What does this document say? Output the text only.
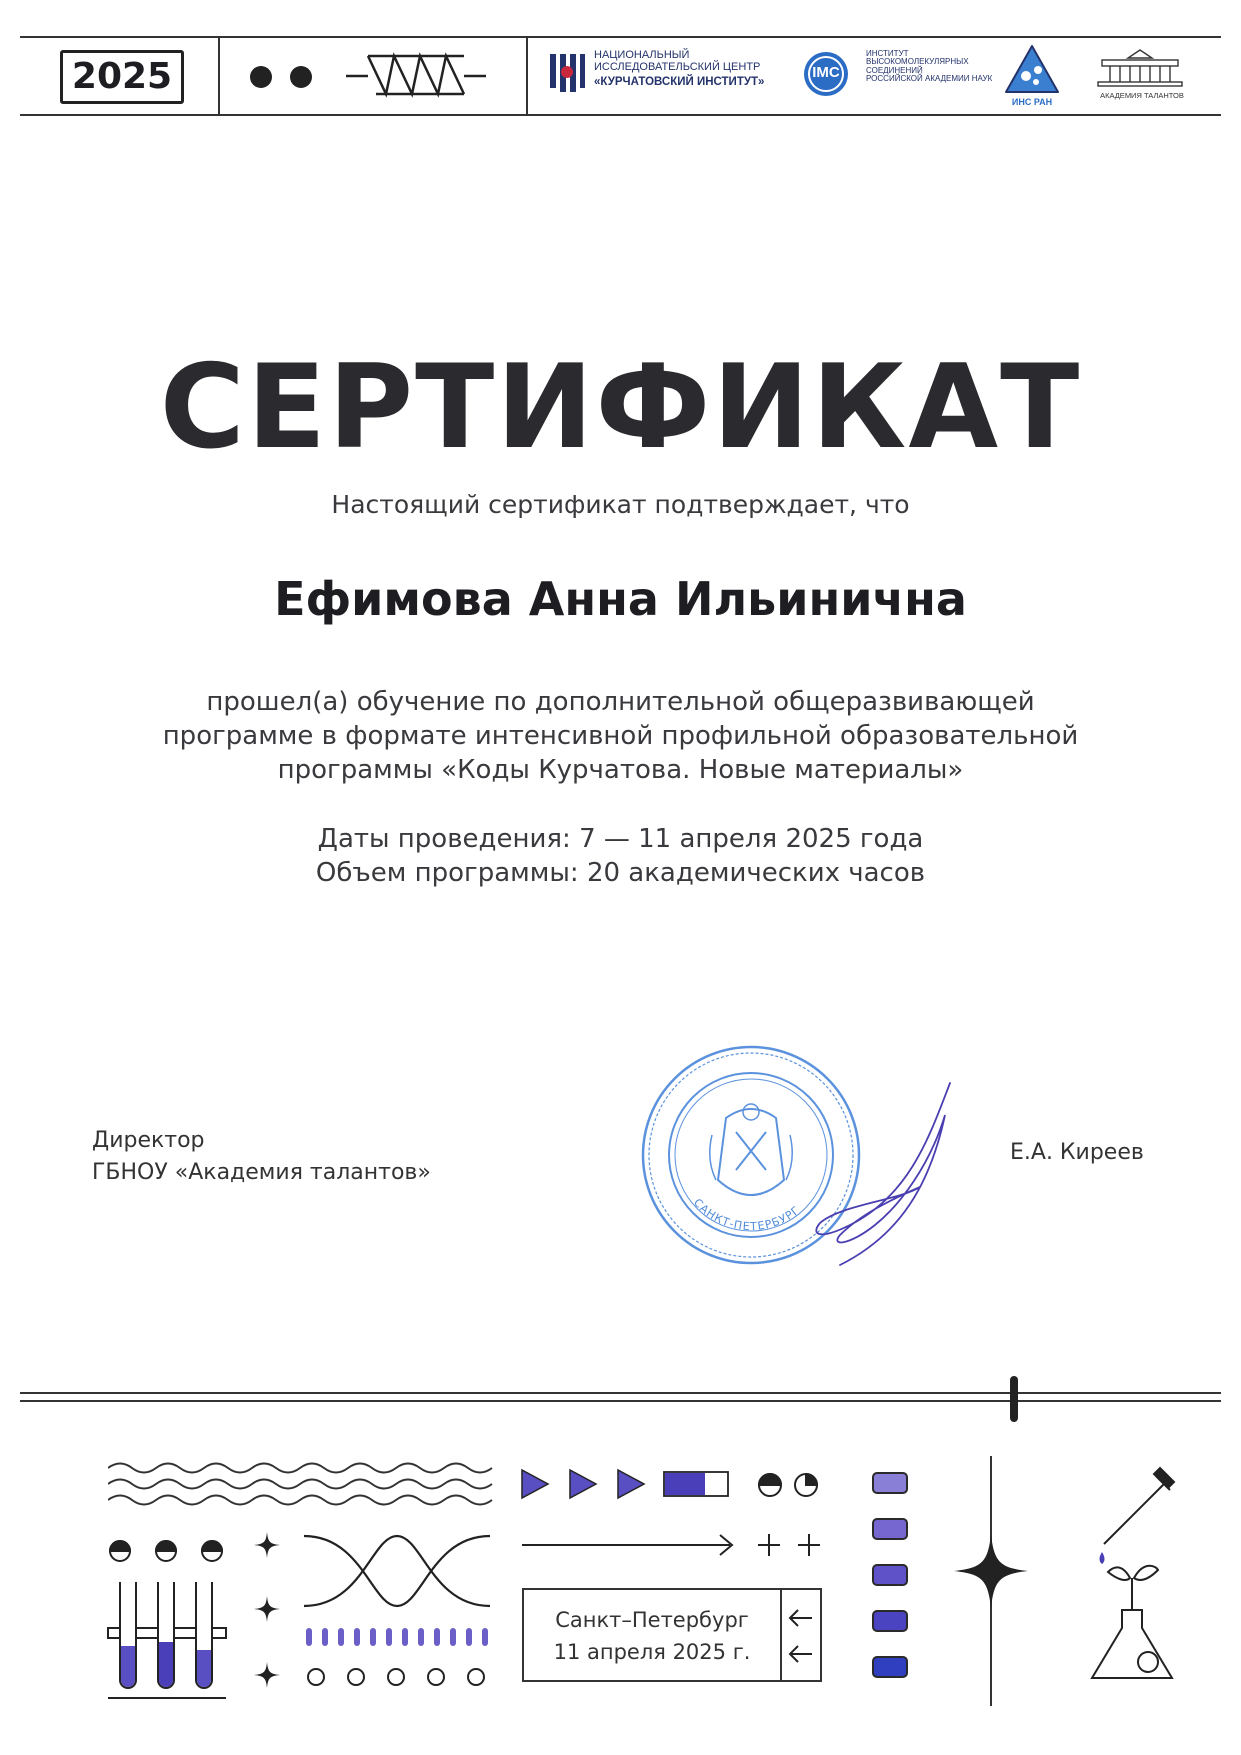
2025
НАЦИОНАЛЬНЫЙ
ИССЛЕДОВАТЕЛЬСКИЙ ЦЕНТР
«КУРЧАТОВСКИЙ ИНСТИТУТ»
IMC
ИНСТИТУТ
ВЫСОКОМОЛЕКУЛЯРНЫХ
СОЕДИНЕНИЙ
РОССИЙСКОЙ АКАДЕМИИ НАУК
ИНС РАН
АКАДЕМИЯ ТАЛАНТОВ
СЕРТИФИКАТ
Настоящий сертификат подтверждает, что
Ефимова Анна Ильинична
прошел(а) обучение по дополнительной общеразвивающей
программе в формате интенсивной профильной образовательной
программы «Коды Курчатова. Новые материалы»
Даты проведения: 7 — 11 апреля 2025 года
Объем программы: 20 академических часов
Директор
ГБНОУ «Академия талантов»
Е.А. Киреев
САНКТ-ПЕТЕРБУРГ
Санкт–Петербург
11 апреля 2025 г.
